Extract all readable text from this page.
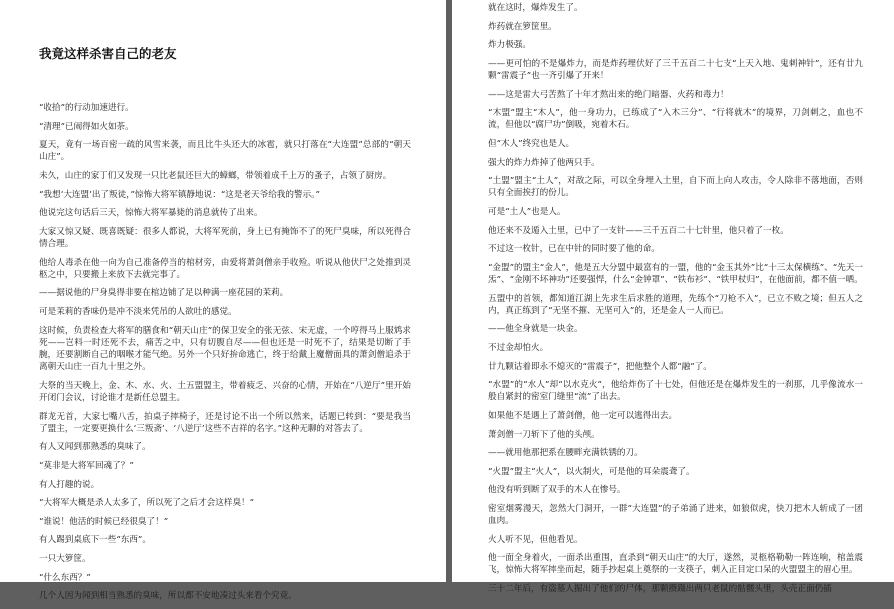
我竟这样杀害自己的老友

“收拾”的行动加速进行。

“清理”已闹得如火如荼。

夏天，竟有一场百密一疏的风雪来袭，而且比牛头还大的冰雹，就只打落在“大连盟”总部的“朝天山庄”。

未久，山庄的家丁们又发现一只比老鼠还巨大的蟑螂，带领着成千上万的蚤子，占领了厨房。

“我想‘大连盟’出了叛徒，”惊怖大将军镇静地说：“这是老天爷给我的警示。”

他说完这句话后三天，惊怖大将军暴毙的消息就传了出来。

大家又惊又疑、既喜既疑：很多人都说，大将军死前，身上已有掩饰不了的死尸臭味，所以死得合情合理。

他给人毒杀在他一向为自己准备停当的棺材旁，由爱将萧剑僧亲手收殓。听说从他伏尸之处推到灵柩之中，只要搬上来放下去就完事了。

——据说他的尸身臭得非要在棺边铺了足以种满一座花园的茉莉。

可是茉莉的香味仍是冲不淡来凭吊的人欲吐的感觉。

这时候，负责检查大将军的膳食和“朝天山庄”的保卫安全的张无弦、宋无虚，一个哼得马上服鸩求死——岂料一时还死不去，痛苦之中，只有切腹自尽——但也还是一时死不了，结果是切断了手腕，还要割断自己的咽喉才能气绝。另外一个只好拚命逃亡，终于给戴上魔僧面具的萧剑僧追杀于离朝天山庄一百九十里之外。

大祭的当天晚上，金、木、水、火、土五盟盟主，带着疲乏、兴奋的心情，开始在“八逆厅”里开始开闭门会议，讨论谁才是新任总盟主。

群龙无首，大家七嘴八舌，拍桌子摔椅子，还是讨论不出一个所以然来，话题已转到：“要是我当了盟主，一定要更换什么‘三叛斋’、‘八逆厅’这些不吉祥的名字。”这种无聊的对答去了。

有人又闻到那熟悉的臭味了。

“莫非是大将军回魂了？”

有人打趣的说。

“大将军大概是杀人太多了，所以死了之后才会这样臭！”

“谁说！他活的时候已经很臭了！”

有人踢到桌底下一些“东西”。

一只大箩筐。

“什么东西？”

几个人因为闻到相当熟悉的臭味，所以都不安地凑过头来看个究竟。

就在这时，爆炸发生了。

炸药就在箩筐里。

炸力极强。

——更可怕的不是爆炸力，而是炸药埋伏好了三千五百二十七支“上天入地、鬼刺神针”，还有廿九颗“雷震子”也一齐引爆了开来！

——这是雷大弓苦熬了十年才熬出来的绝门暗器、火药和毒力！

“木盟”盟主“木人”，他一身功力，已练成了“入木三分”、“行将就木”的境界，刀剑刺之，血也不流，但他以“腐尸功”倒吸，宛着木石。

但“木人”终究也是人。

强大的炸力炸掉了他两只手。

“土盟”盟主“土人”，对敌之际，可以全身埋入土里，自下而上向人攻击，令人除非不落地面，否则只有全面挨打的份儿。

可是“土人”也是人。

他还来不及遁入土里，已中了一支针——三千五百二十七针里，他只着了一枚。

不过这一枚针，已在中针的同时要了他的命。

“金盟”的盟主“金人”，他是五大分盟中最富有的一盟，他的“金玉其外”比“十三太保横练”、“先天一炁”、“金刚不坏神功”还要强悍，什么“金钟罩”、“铁布衫”、“铁甲杖归”，在他面前，都不值一哂。

五盟中的首领，都知道江湖上先求生后求胜的道理，先练个“刀枪不入”，已立不败之境；但五人之内，真正练到了“无坚不摧、无坚可入”的，还是金人一人而已。

——他全身就是一块金。

不过金却怕火。

廿九颗诂着即永不熄灭的“雷震子”，把他整个人都“融”了。

“水盟”的“水人”却“以水克火”，他给炸伤了十七处，但他还是在爆炸发生的一刹那，几乎像流水一般自紧封的密室门缝里“流”了出去。

如果他不是遇上了萧剑僧，他一定可以逃得出去。

萧剑僧一刀斩下了他的头颅。

——就用他那把系在腰畔充满铁锈的刀。

“火盟”盟主“火人”，以火制火，可是他的耳朵震聋了。

他没有听到断了双手的木人在惨号。

密室烟雾漫天，忽然大门洞开，一群“大连盟”的子弟涌了进来，如狼似虎，快刀把木人斩成了一团血肉。

火人听不见，但他看见。

他一面全身着火，一面杀出重围，直杀到“朝天山庄”的大厅，遂然，灵柩格勒勒一阵连响，棺盖震飞，惊怖大将军摔坐而起，随手抄起桌上奠祭的一支筷子，刺入正目定口呆的火盟盟主的眉心里。

三十二年后，有盗墓人掘出了他们的尸体，那颗攒蹑出两只老鼠的骷髅头里，头壳正面仍插
